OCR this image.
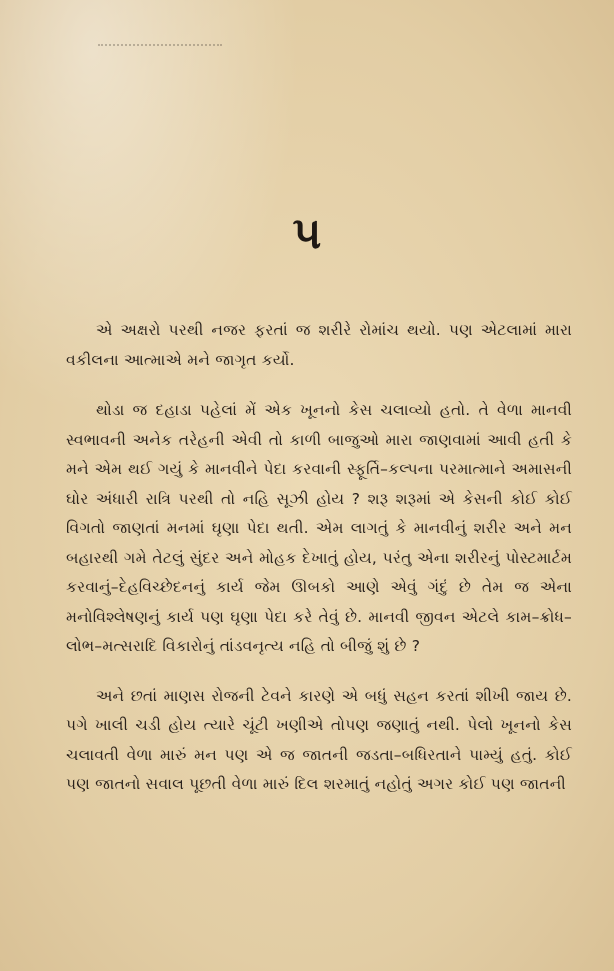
૫

એ અક્ષરો પરથી નજર ફરતાં જ શરીરે રોમાંચ થયો. પણ એટલામાં મારા વકીલના આત્માએ મને જાગૃત કર્યો.

થોડા જ દહાડા પહેલાં મેં એક ખૂનનો કેસ ચલાવ્યો હતો. તે વેળા માનવી સ્વભાવની અનેક તરેહની એવી તો કાળી બાજુઓ મારા જાણવામાં આવી હતી કે મને એમ થઈ ગયું કે માનવીને પેદા કરવાની સ્ફૂર્તિ–કલ્પના પરમાત્માને અમાસની ઘોર અંધારી રાત્રિ પરથી તો નહિ સૂઝી હોય ? શરૂ શરૂમાં એ કેસની કોઈ કોઈ વિગતો જાણતાં મનમાં ઘૃણા પેદા થતી. એમ લાગતું કે માનવીનું શરીર અને મન બહારથી ગમે તેટલું સુંદર અને મોહક દેખાતું હોય, પરંતુ એના શરીરનું પોસ્ટમાર્ટમ કરવાનું–દેહવિચ્છેદનનું કાર્ય જેમ ઊબકો આણે એવું ગંદું છે તેમ જ એના મનોવિશ્લેષણનું કાર્ય પણ ઘૃણા પેદા કરે તેવું છે. માનવી જીવન એટલે કામ–ક્રોધ–લોભ–મત્સરાદિ વિકારોનું તાંડવનૃત્ય નહિ તો બીજું શું છે ?

અને છતાં માણસ રોજની ટેવને કારણે એ બધું સહન કરતાં શીખી જાય છે. પગે ખાલી ચડી હોય ત્યારે ચૂંટી ખણીએ તોપણ જણાતું નથી. પેલો ખૂનનો કેસ ચલાવતી વેળા મારું મન પણ એ જ જાતની જડતા–બધિરતાને પામ્યું હતું. કોઈ પણ જાતનો સવાલ પૂછતી વેળા મારું દિલ શરમાતું નહોતું અગર કોઈ પણ જાતની
